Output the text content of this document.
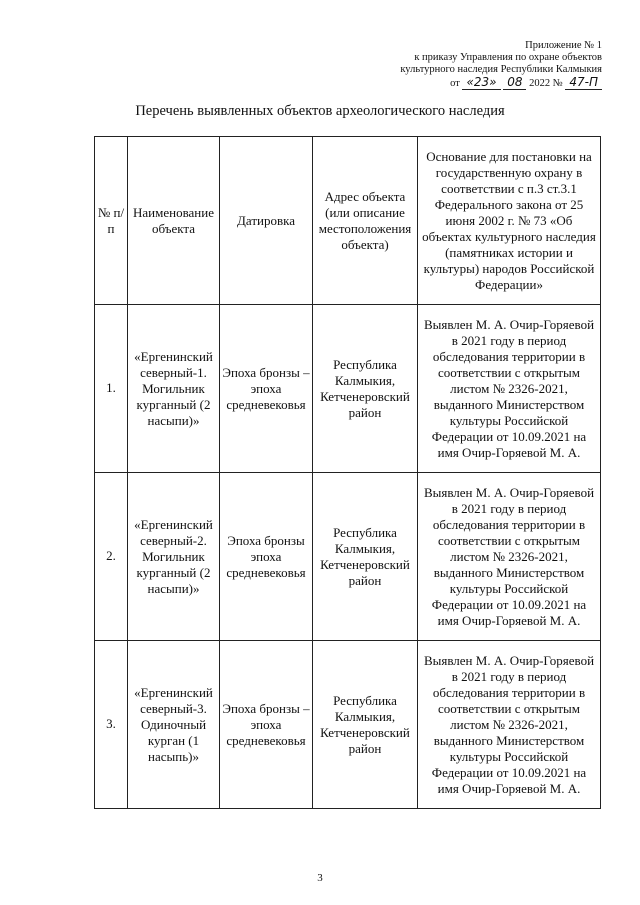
Приложение № 1
к приказу Управления по охране объектов
культурного наследия Республики Калмыкия
от «23» 08 2022 № 47-П
Перечень выявленных объектов археологического наследия
№ п/п	Наименование объекта	Датировка	Адрес объекта (или описание местоположения объекта)	Основание для постановки на государственную охрану в соответствии с п.3 ст.3.1 Федерального закона от 25 июня 2002 г. № 73 «Об объектах культурного наследия (памятниках истории и культуры) народов Российской Федерации»
1.	«Ергенинский северный-1. Могильник курганный (2 насыпи)»	Эпоха бронзы – эпоха средневековья	Республика Калмыкия, Кетченеровский район	Выявлен М. А. Очир-Горяевой в 2021 году в период обследования территории в соответствии с открытым листом № 2326-2021, выданного Министерством культуры Российской Федерации от 10.09.2021 на имя Очир-Горяевой М. А.
2.	«Ергенинский северный-2. Могильник курганный (2 насыпи)»	Эпоха бронзы эпоха средневековья	Республика Калмыкия, Кетченеровский район	Выявлен М. А. Очир-Горяевой в 2021 году в период обследования территории в соответствии с открытым листом № 2326-2021, выданного Министерством культуры Российской Федерации от 10.09.2021 на имя Очир-Горяевой М. А.
3.	«Ергенинский северный-3. Одиночный курган (1 насыпь)»	Эпоха бронзы – эпоха средневековья	Республика Калмыкия, Кетченеровский район	Выявлен М. А. Очир-Горяевой в 2021 году в период обследования территории в соответствии с открытым листом № 2326-2021, выданного Министерством культуры Российской Федерации от 10.09.2021 на имя Очир-Горяевой М. А.
3
